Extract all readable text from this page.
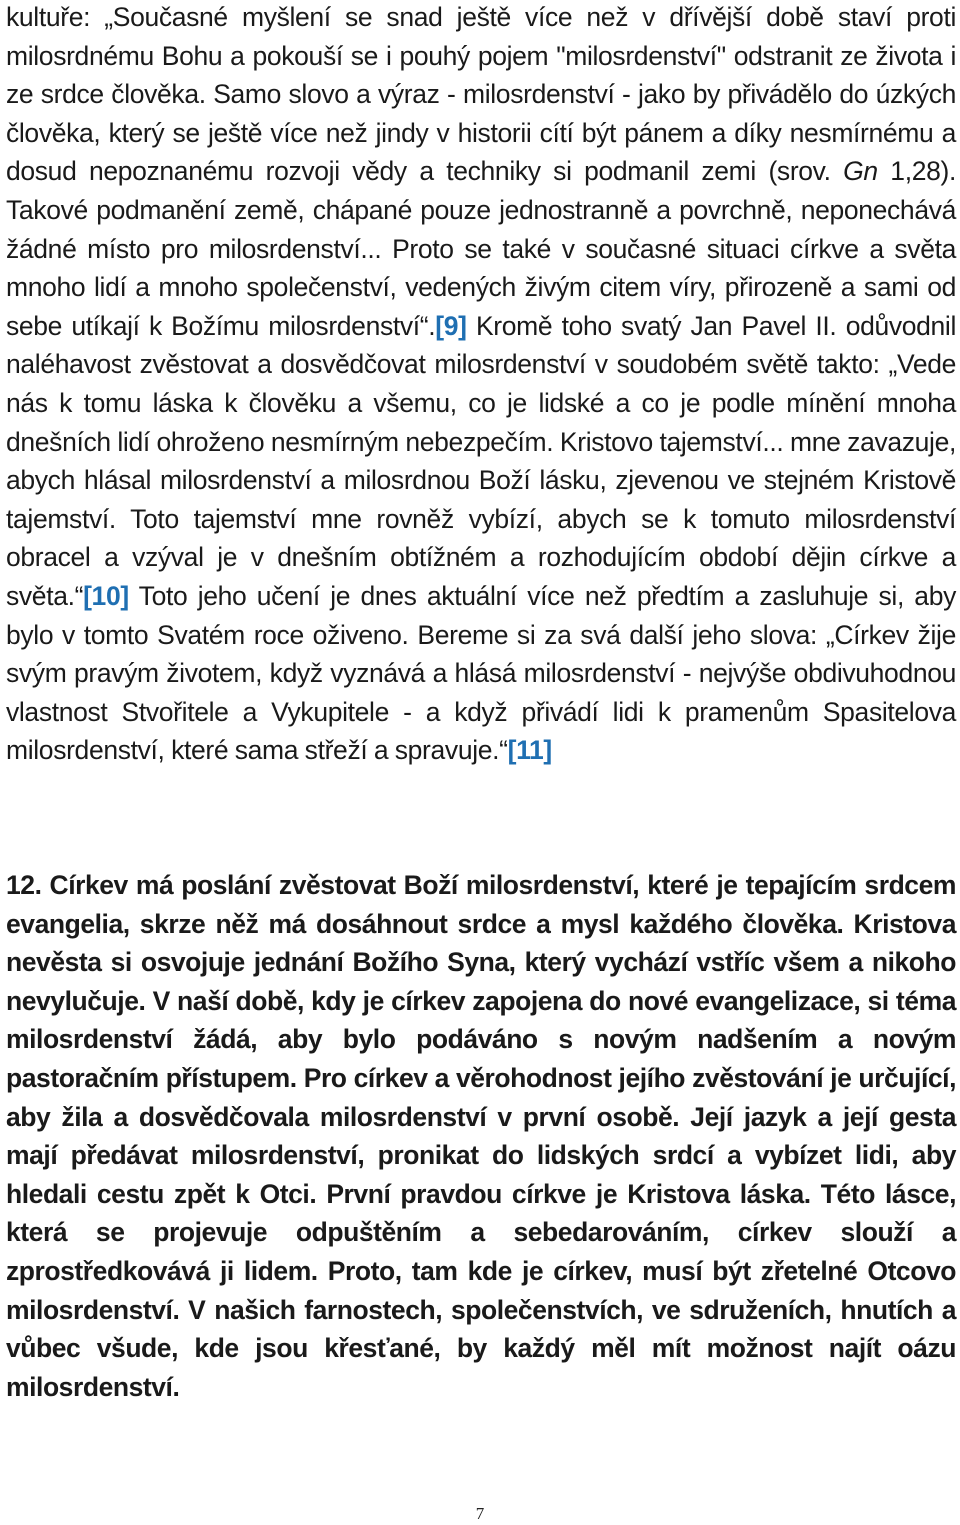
kultuře: „Současné myšlení se snad ještě více než v dřívější době staví proti milosrdnému Bohu a pokouší se i pouhý pojem "milosrdenství" odstranit ze života i ze srdce člověka. Samo slovo a výraz - milosrdenství - jako by přivádělo do úzkých člověka, který se ještě více než jindy v historii cítí být pánem a díky nesmírnému a dosud nepoznanému rozvoji vědy a techniky si podmanil zemi (srov. Gn 1,28). Takové podmanění země, chápané pouze jednostranně a povrchně, neponechává žádné místo pro milosrdenství... Proto se také v současné situaci církve a světa mnoho lidí a mnoho společenství, vedených živým citem víry, přirozeně a sami od sebe utíkají k Božímu milosrdenství“.[9] Kromě toho svatý Jan Pavel II. odůvodnil naléhavost zvěstovat a dosvědčovat milosrdenství v soudobém světě takto: „Vede nás k tomu láska k člověku a všemu, co je lidské a co je podle mínění mnoha dnešních lidí ohroženo nesmírným nebezpečím. Kristovo tajemství... mne zavazuje, abych hlásal milosrdenství a milosrdnou Boží lásku, zjevenou ve stejném Kristově tajemství. Toto tajemství mne rovněž vybízí, abych se k tomuto milosrdenství obracel a vzýval je v dnešním obtížném a rozhodujícím období dějin církve a světa.“[10] Toto jeho učení je dnes aktuální více než předtím a zasluhuje si, aby bylo v tomto Svatém roce oživeno. Bereme si za svá další jeho slova: „Církev žije svým pravým životem, když vyznává a hlásá milosrdenství - nejvýše obdivuhodnou vlastnost Stvořitele a Vykupitele - a když přivádí lidi k pramenům Spasitelova milosrdenství, které sama střeží a spravuje.“[11]

12. Církev má poslání zvěstovat Boží milosrdenství, které je tepajícím srdcem evangelia, skrze něž má dosáhnout srdce a mysl každého člověka. Kristova nevěsta si osvojuje jednání Božího Syna, který vychází vstříc všem a nikoho nevylučuje. V naší době, kdy je církev zapojena do nové evangelizace, si téma milosrdenství žádá, aby bylo podáváno s novým nadšením a novým pastoračním přístupem. Pro církev a věrohodnost jejího zvěstování je určující, aby žila a dosvědčovala milosrdenství v první osobě. Její jazyk a její gesta mají předávat milosrdenství, pronikat do lidských srdcí a vybízet lidi, aby hledali cestu zpět k Otci. První pravdou církve je Kristova láska. Této lásce, která se projevuje odpuštěním a sebedarováním, církev slouží a zprostředkovává ji lidem. Proto, tam kde je církev, musí být zřetelné Otcovo milosrdenství. V našich farnostech, společenstvích, ve sdruženích, hnutích a vůbec všude, kde jsou křesťané, by každý měl mít možnost najít oázu milosrdenství.

7
